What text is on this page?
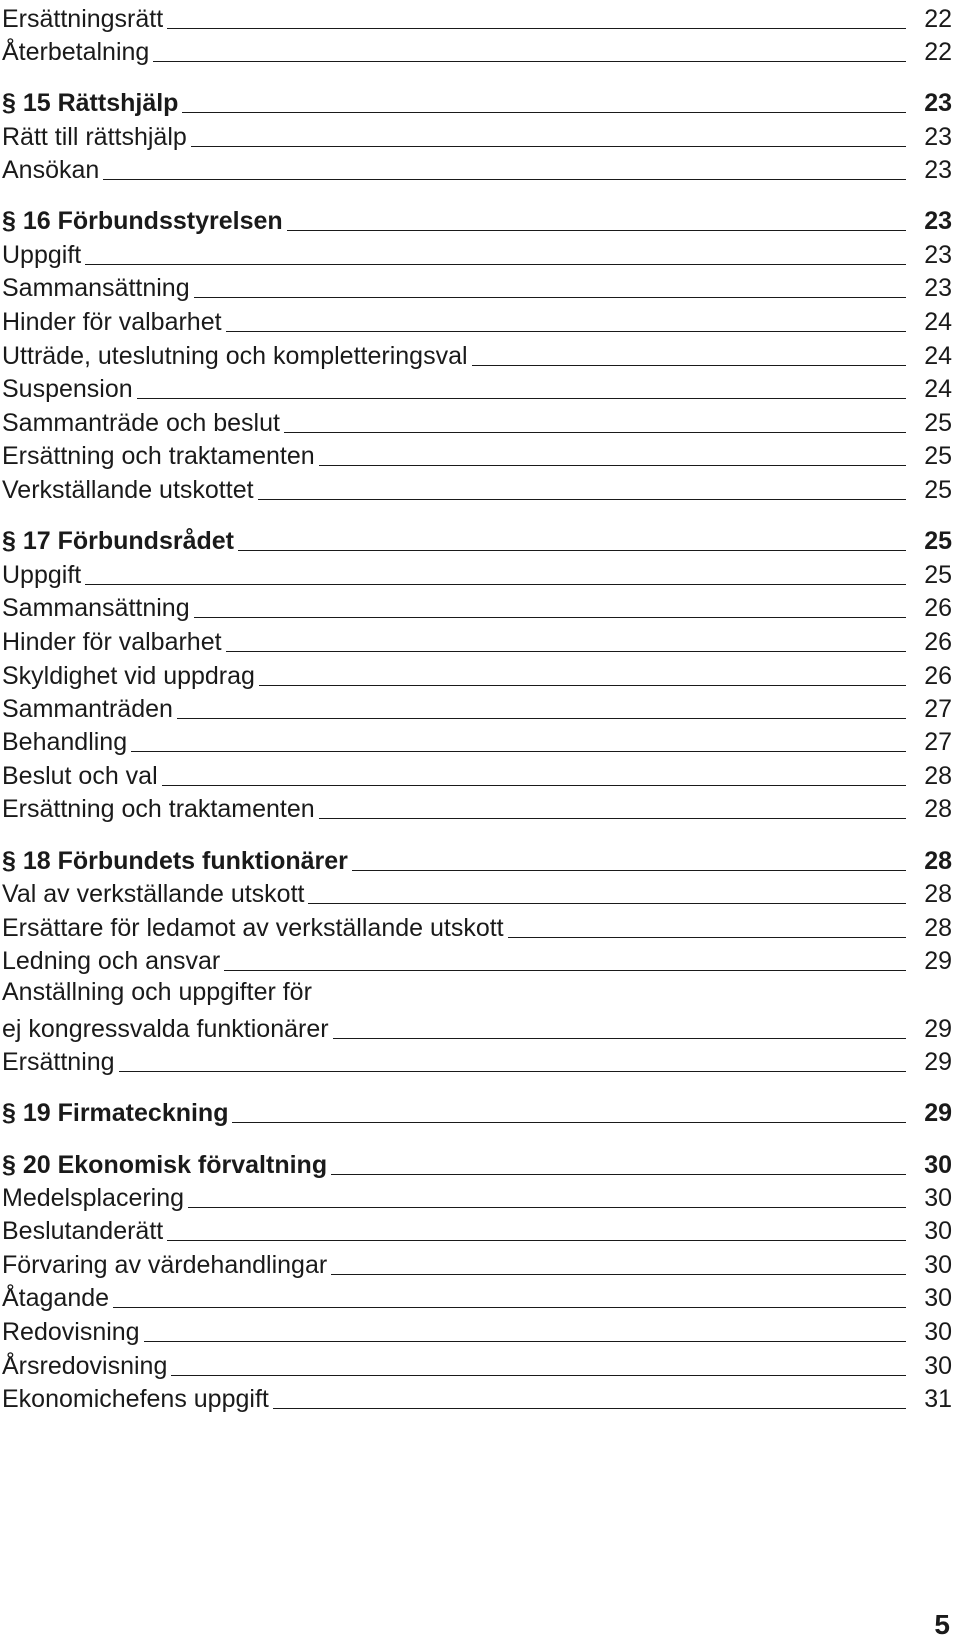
Ersättningsrätt	22
Återbetalning	22
§ 15 Rättshjälp	23
Rätt till rättshjälp	23
Ansökan	23
§ 16 Förbundsstyrelsen	23
Uppgift	23
Sammansättning	23
Hinder för valbarhet	24
Utträde, uteslutning och kompletteringsval	24
Suspension	24
Sammanträde och beslut	25
Ersättning och traktamenten	25
Verkställande utskottet	25
§ 17 Förbundsrådet	25
Uppgift	25
Sammansättning	26
Hinder för valbarhet	26
Skyldighet vid uppdrag	26
Sammanträden	27
Behandling	27
Beslut och val	28
Ersättning och traktamenten	28
§ 18 Förbundets funktionärer	28
Val av verkställande utskott	28
Ersättare för ledamot av verkställande utskott	28
Ledning och ansvar	29
Anställning och uppgifter för
ej kongressvalda funktionärer	29
Ersättning	29
§ 19 Firmateckning	29
§ 20 Ekonomisk förvaltning	30
Medelsplacering	30
Beslutanderätt	30
Förvaring av värdehandlingar	30
Åtagande	30
Redovisning	30
Årsredovisning	30
Ekonomichefens uppgift	31
5
